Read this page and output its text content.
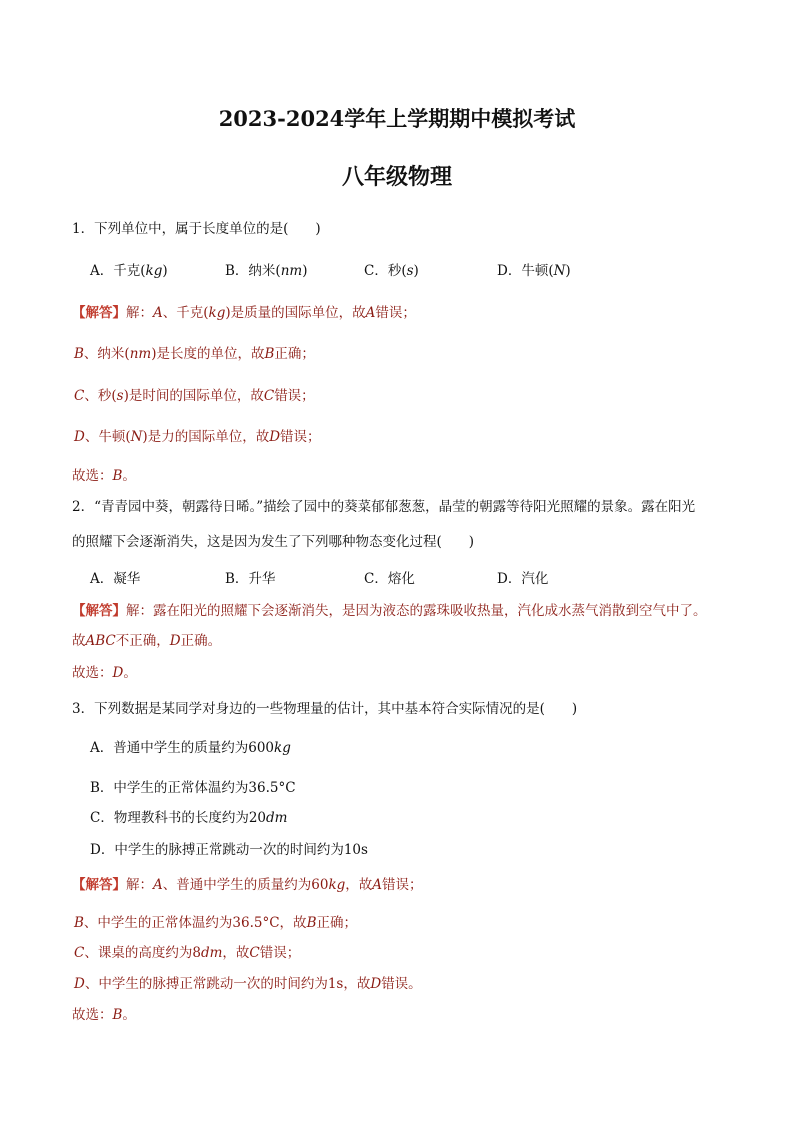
2023-2024学年上学期期中模拟考试
八年级物理
1．下列单位中，属于长度单位的是(　　)
A．千克(kg)	B．纳米(nm)	C．秒(s)	D．牛顿(N)
【解答】解：A、千克(kg)是质量的国际单位，故A错误；
B、纳米(nm)是长度的单位，故B正确；
C、秒(s)是时间的国际单位，故C错误；
D、牛顿(N)是力的国际单位，故D错误；
故选：B。
2．“青青园中葵，朝露待日晞。”描绘了园中的葵菜郁郁葱葱，晶莹的朝露等待阳光照耀的景象。露在阳光
的照耀下会逐渐消失，这是因为发生了下列哪种物态变化过程(　　)
A．凝华	B．升华	C．熔化	D．汽化
【解答】解：露在阳光的照耀下会逐渐消失，是因为液态的露珠吸收热量，汽化成水蒸气消散到空气中了。
故ABC不正确，D正确。
故选：D。
3．下列数据是某同学对身边的一些物理量的估计，其中基本符合实际情况的是(　　)
A．普通中学生的质量约为600kg
B．中学生的正常体温约为36.5°C
C．物理教科书的长度约为20dm
D．中学生的脉搏正常跳动一次的时间约为10s
【解答】解：A、普通中学生的质量约为60kg，故A错误；
B、中学生的正常体温约为36.5°C，故B正确；
C、课桌的高度约为8dm，故C错误；
D、中学生的脉搏正常跳动一次的时间约为1s，故D错误。
故选：B。
